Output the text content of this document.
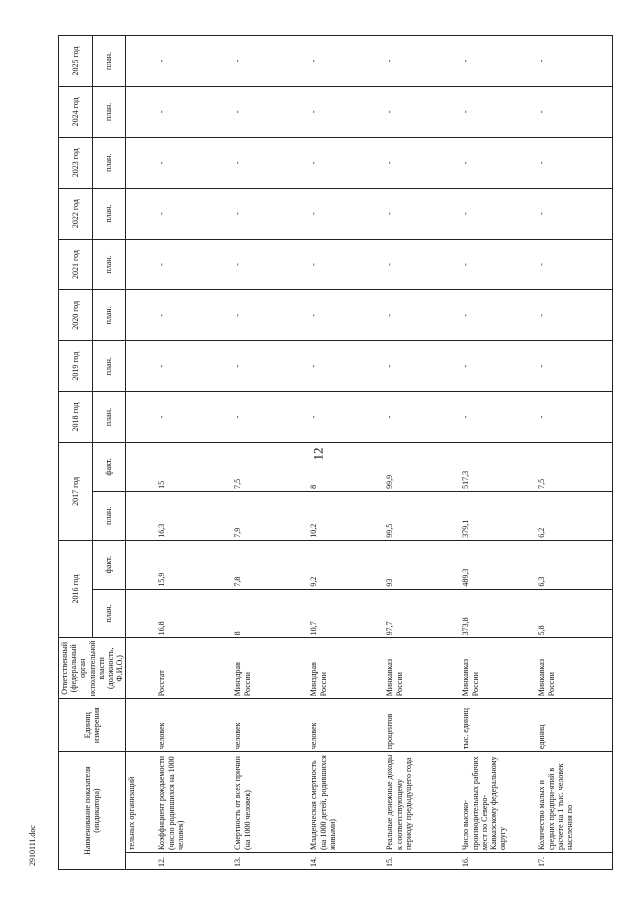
12
2910111.doc	Наименование показателя (индикатора)		Единиц измерения	Ответственный (федеральный орган исполнительной власти (должность, Ф.И.О.)	2016 год		2017 год		2018 год	2019 год	2020 год	2021 год	2022 год	2023 год	2024 год	2025 год
				план.	факт.	план.	факт.	план.	план.	план.	план.	план.	план.	план.	план.
	тельных организаций														
12.	Коэффициент рождаемости (число родившихся на 1000 человек)	человек	Росстат	16,8	15,9	16,3	15	-	-	-	-	-	-	-	-
13.	Смертность от всех причин (на 1000 человек)	человек	Минздрав России	8	7,8	7,9	7,5	-	-	-	-	-	-	-	-
14.	Младенческая смертность (на 1000 детей, родившихся живыми)	человек	Минздрав России	10,7	9,2	10,2	8	-	-	-	-	-	-	-	-
15.	Реальные денежные доходы к соответствующему периоду предыдущего года	процентов	Минкавказ России	97,7	93	99,5	99,9	-	-	-	-	-	-	-	-
16.	Число высоко-производительных рабочих мест по Северо-Кавказскому федеральному округу	тыс. единиц	Минкавказ России	373,8	489,3	379,1	517,3	-	-	-	-	-	-	-	-
17.	Количество малых и средних предпри-ятий в расчете на 1 тыс. человек населения по	единиц	Минкавказ России	5,8	6,3	6,2	7,5	-	-	-	-	-	-	-	-
